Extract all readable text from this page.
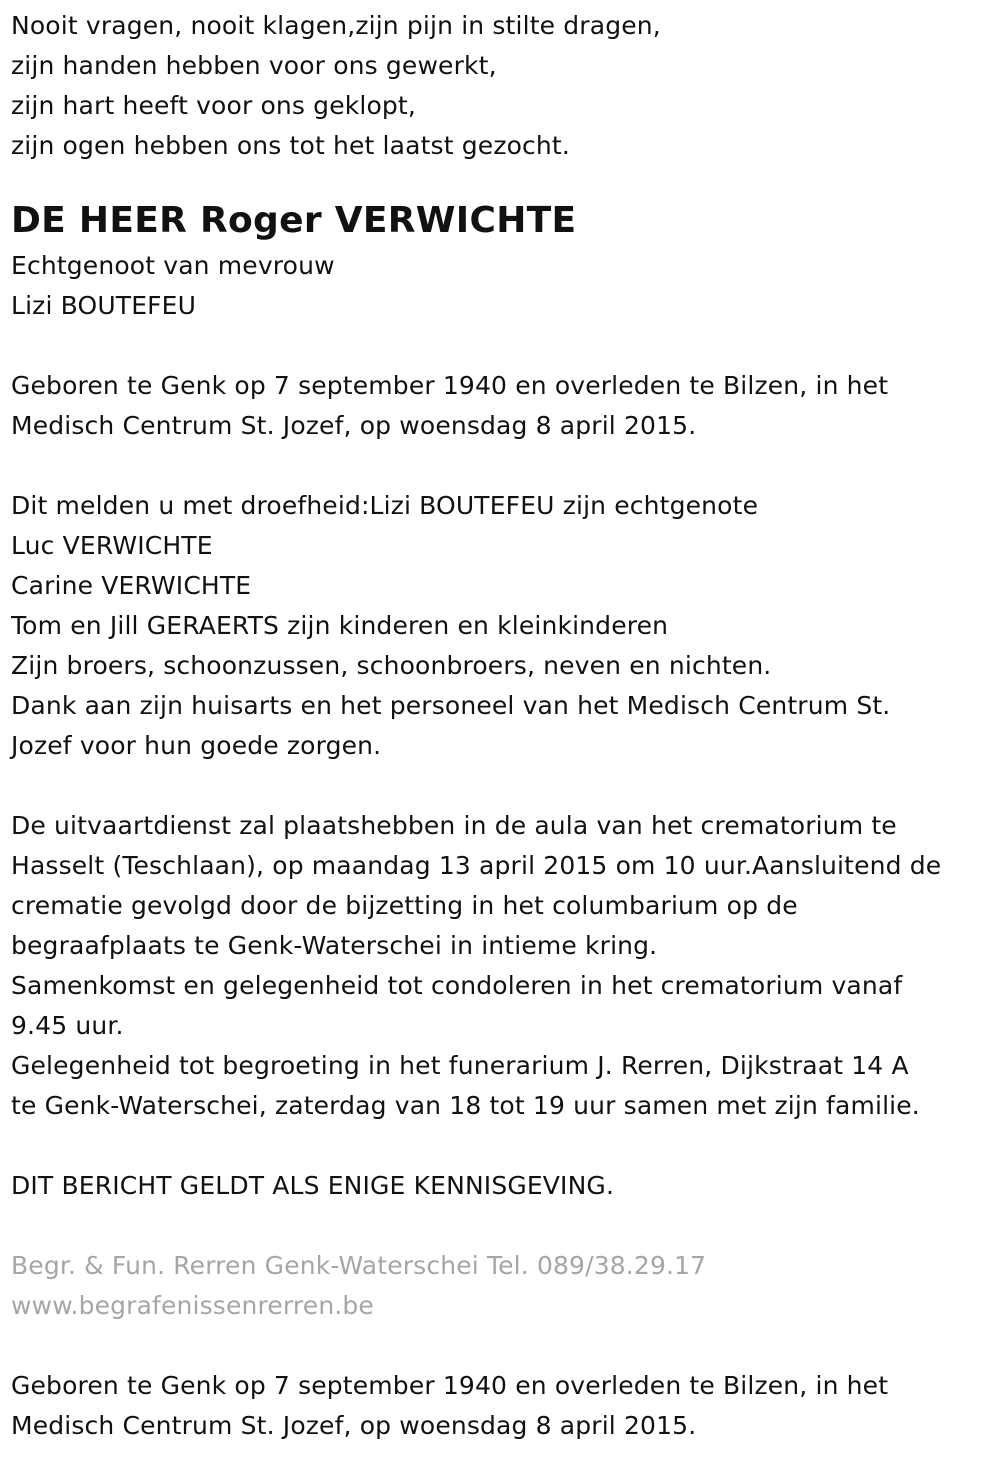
Nooit vragen, nooit klagen,zijn pijn in stilte dragen,
zijn handen hebben voor ons gewerkt,
zijn hart heeft voor ons geklopt,
zijn ogen hebben ons tot het laatst gezocht.
DE HEER Roger VERWICHTE
Echtgenoot van mevrouw
Lizi BOUTEFEU
Geboren te Genk op 7 september 1940 en overleden te Bilzen, in het
Medisch Centrum St. Jozef, op woensdag 8 april 2015.
Dit melden u met droefheid:Lizi BOUTEFEU zijn echtgenote
Luc VERWICHTE
Carine VERWICHTE
Tom en Jill GERAERTS zijn kinderen en kleinkinderen
Zijn broers, schoonzussen, schoonbroers, neven en nichten.
Dank aan zijn huisarts en het personeel van het Medisch Centrum St.
Jozef voor hun goede zorgen.
De uitvaartdienst zal plaatshebben in de aula van het crematorium te
Hasselt (Teschlaan), op maandag 13 april 2015 om 10 uur.Aansluitend de
crematie gevolgd door de bijzetting in het columbarium op de
begraafplaats te Genk-Waterschei in intieme kring.
Samenkomst en gelegenheid tot condoleren in het crematorium vanaf
9.45 uur.
Gelegenheid tot begroeting in het funerarium J. Rerren, Dijkstraat 14 A
te Genk-Waterschei, zaterdag van 18 tot 19 uur samen met zijn familie.
DIT BERICHT GELDT ALS ENIGE KENNISGEVING.
Begr. & Fun. Rerren Genk-Waterschei Tel. 089/38.29.17
www.begrafenissenrerren.be
Geboren te Genk op 7 september 1940 en overleden te Bilzen, in het
Medisch Centrum St. Jozef, op woensdag 8 april 2015.
